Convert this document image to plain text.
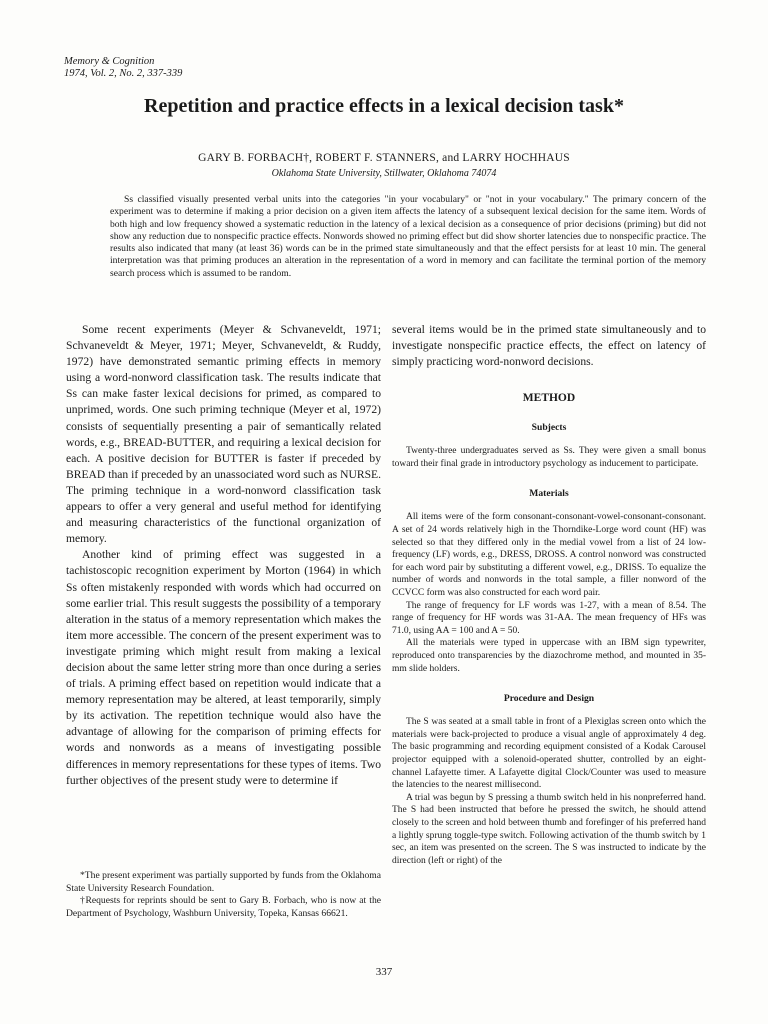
Memory & Cognition
1974, Vol. 2, No. 2, 337-339
Repetition and practice effects in a lexical decision task*
GARY B. FORBACH†, ROBERT F. STANNERS, and LARRY HOCHHAUS
Oklahoma State University, Stillwater, Oklahoma 74074

Ss classified visually presented verbal units into the categories "in your vocabulary" or "not in your vocabulary." The primary concern of the experiment was to determine if making a prior decision on a given item affects the latency of a subsequent lexical decision for the same item. Words of both high and low frequency showed a systematic reduction in the latency of a lexical decision as a consequence of prior decisions (priming) but did not show any reduction due to nonspecific practice effects. Nonwords showed no priming effect but did show shorter latencies due to nonspecific practice. The results also indicated that many (at least 36) words can be in the primed state simultaneously and that the effect persists for at least 10 min. The general interpretation was that priming produces an alteration in the representation of a word in memory and can facilitate the terminal portion of the memory search process which is assumed to be random.

Some recent experiments (Meyer & Schvaneveldt, 1971; Schvaneveldt & Meyer, 1971; Meyer, Schvaneveldt, & Ruddy, 1972) have demonstrated semantic priming effects in memory using a word-nonword classification task. The results indicate that Ss can make faster lexical decisions for primed, as compared to unprimed, words. One such priming technique (Meyer et al, 1972) consists of sequentially presenting a pair of semantically related words, e.g., BREAD-BUTTER, and requiring a lexical decision for each. A positive decision for BUTTER is faster if preceded by BREAD than if preceded by an unassociated word such as NURSE. The priming technique in a word-nonword classification task appears to offer a very general and useful method for identifying and measuring characteristics of the functional organization of memory.

Another kind of priming effect was suggested in a tachistoscopic recognition experiment by Morton (1964) in which Ss often mistakenly responded with words which had occurred on some earlier trial. This result suggests the possibility of a temporary alteration in the status of a memory representation which makes the item more accessible. The concern of the present experiment was to investigate priming which might result from making a lexical decision about the same letter string more than once during a series of trials. A priming effect based on repetition would indicate that a memory representation may be altered, at least temporarily, simply by its activation. The repetition technique would also have the advantage of allowing for the comparison of priming effects for words and nonwords as a means of investigating possible differences in memory representations for these types of items. Two further objectives of the present study were to determine if

several items would be in the primed state simultaneously and to investigate nonspecific practice effects, the effect on latency of simply practicing word-nonword decisions.

METHOD
Subjects

Twenty-three undergraduates served as Ss. They were given a small bonus toward their final grade in introductory psychology as inducement to participate.

Materials

All items were of the form consonant-consonant-vowel-consonant-consonant. A set of 24 words relatively high in the Thorndike-Lorge word count (HF) was selected so that they differed only in the medial vowel from a list of 24 low-frequency (LF) words, e.g., DRESS, DROSS. A control nonword was constructed for each word pair by substituting a different vowel, e.g., DRISS. To equalize the number of words and nonwords in the total sample, a filler nonword of the CCVCC form was also constructed for each word pair.

The range of frequency for LF words was 1-27, with a mean of 8.54. The range of frequency for HF words was 31-AA. The mean frequency of HFs was 71.0, using AA = 100 and A = 50.

All the materials were typed in uppercase with an IBM sign typewriter, reproduced onto transparencies by the diazochrome method, and mounted in 35-mm slide holders.

Procedure and Design

The S was seated at a small table in front of a Plexiglas screen onto which the materials were back-projected to produce a visual angle of approximately 4 deg. The basic programming and recording equipment consisted of a Kodak Carousel projector equipped with a solenoid-operated shutter, controlled by an eight-channel Lafayette timer. A Lafayette digital Clock/Counter was used to measure the latencies to the nearest millisecond.

A trial was begun by S pressing a thumb switch held in his nonpreferred hand. The S had been instructed that before he pressed the switch, he should attend closely to the screen and hold between thumb and forefinger of his preferred hand a lightly sprung toggle-type switch. Following activation of the thumb switch by 1 sec, an item was presented on the screen. The S was instructed to indicate by the direction (left or right) of the

*The present experiment was partially supported by funds from the Oklahoma State University Research Foundation.

†Requests for reprints should be sent to Gary B. Forbach, who is now at the Department of Psychology, Washburn University, Topeka, Kansas 66621.

337
